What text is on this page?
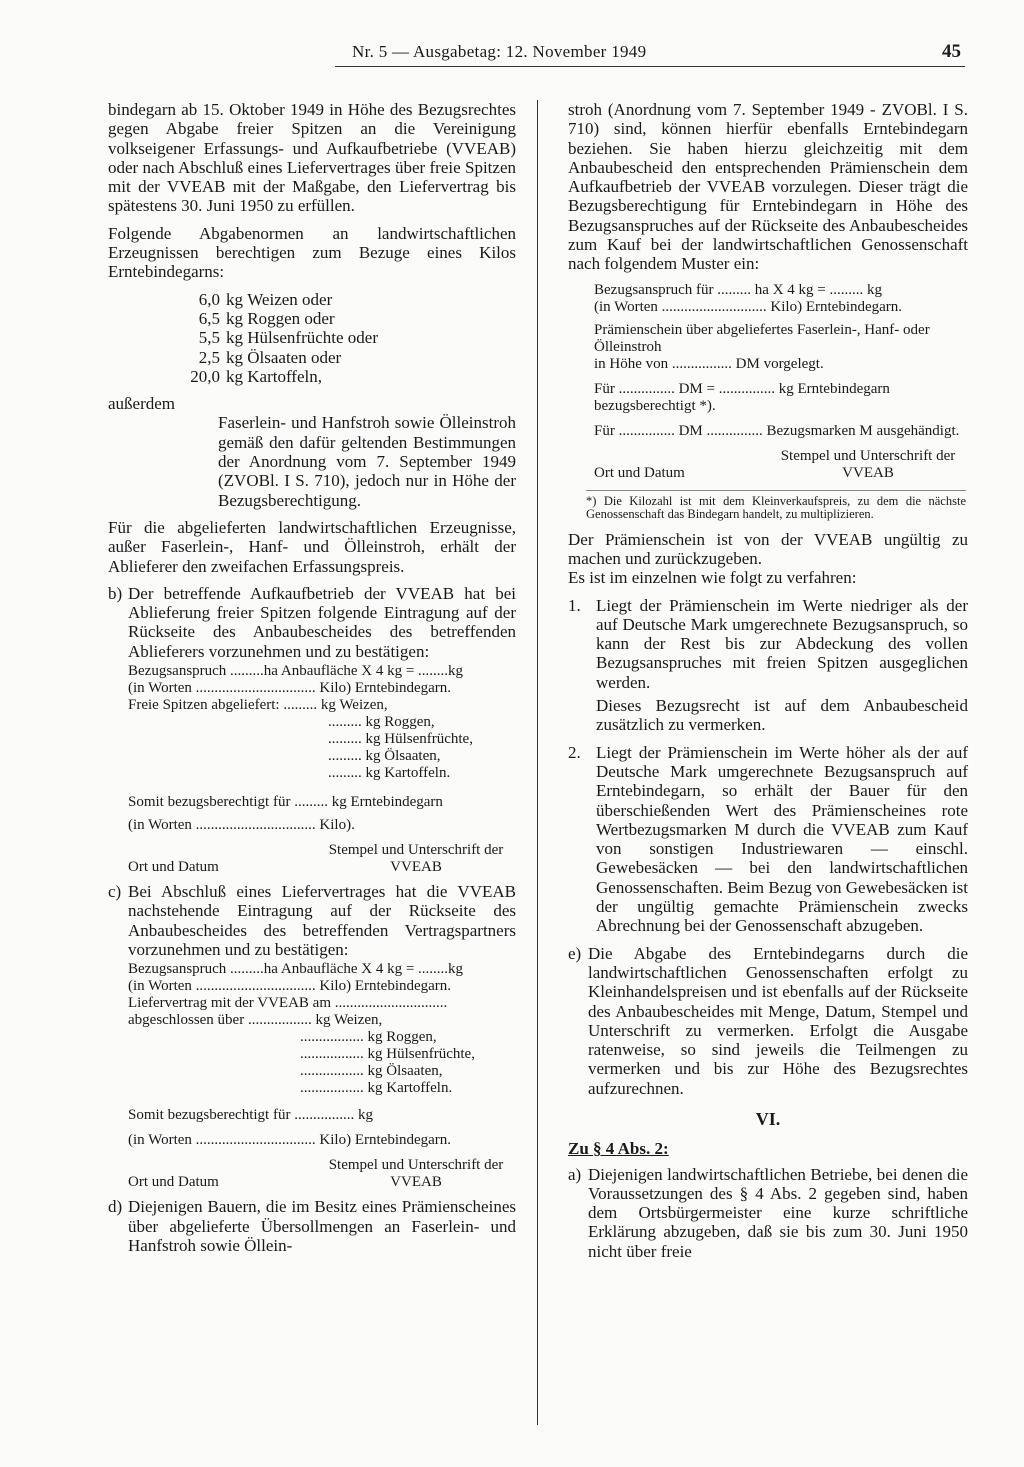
Nr. 5 — Ausgabetag: 12. November 1949	45

bindegarn ab 15. Oktober 1949 in Höhe des Bezugsrechtes gegen Abgabe freier Spitzen an die Vereinigung volkseigener Erfassungs- und Aufkaufbetriebe (VVEAB) oder nach Abschluß eines Liefervertrages über freie Spitzen mit der VVEAB mit der Maßgabe, den Liefervertrag bis spätestens 30. Juni 1950 zu erfüllen.

Folgende Abgabenormen an landwirtschaftlichen Erzeugnissen berechtigen zum Bezuge eines Kilos Erntebindegarns:

6,0 kg
Weizen oder
6,5 kg
Roggen oder
5,5 kg
Hülsenfrüchte oder
2,5 kg
Ölsaaten oder
20,0 kg
Kartoffeln,

außerdem

Faserlein- und Hanfstroh sowie Ölleinstroh gemäß den dafür geltenden Bestimmungen der Anordnung vom 7. September 1949 (ZVOBl. I S. 710), jedoch nur in Höhe der Bezugsberechtigung.

Für die abgelieferten landwirtschaftlichen Erzeugnisse, außer Faserlein-, Hanf- und Ölleinstroh, erhält der Ablieferer den zweifachen Erfassungspreis.

b) Der betreffende Aufkaufbetrieb der VVEAB hat bei Ablieferung freier Spitzen folgende Eintragung auf der Rückseite des Anbaubescheides des betreffenden Ablieferers vorzunehmen und zu bestätigen:

Bezugsanspruch .........ha Anbaufläche X 4 kg = ........kg
(in Worten ................................ Kilo) Erntebindegarn.
Freie Spitzen abgeliefert: ......... kg Weizen,
......... kg Roggen,
......... kg Hülsenfrüchte,
......... kg Ölsaaten,
......... kg Kartoffeln.
Somit bezugsberechtigt für ......... kg Erntebindegarn
(in Worten ................................ Kilo).
Ort und Datum
Stempel und Unterschrift der VVEAB
c) Bei Abschluß eines Liefervertrages hat die VVEAB nachstehende Eintragung auf der Rückseite des Anbaubescheides des betreffenden Vertragspartners vorzunehmen und zu bestätigen:

Bezugsanspruch .........ha Anbaufläche X 4 kg = ........kg
(in Worten ................................ Kilo) Erntebindegarn.
Liefervertrag mit der VVEAB am ..............................
abgeschlossen über ................. kg Weizen,
................. kg Roggen,
................. kg Hülsenfrüchte,
................. kg Ölsaaten,
................. kg Kartoffeln.
Somit bezugsberechtigt für ................ kg
(in Worten ................................ Kilo) Erntebindegarn.
Ort und Datum
Stempel und Unterschrift der VVEAB
d) Diejenigen Bauern, die im Besitz eines Prämienscheines über abgelieferte Übersollmengen an Faserlein- und Hanfstroh sowie Öllein-

stroh (Anordnung vom 7. September 1949 - ZVOBl. I S. 710) sind, können hierfür ebenfalls Erntebindegarn beziehen. Sie haben hierzu gleichzeitig mit dem Anbaubescheid den entsprechenden Prämienschein dem Aufkaufbetrieb der VVEAB vorzulegen. Dieser trägt die Bezugsberechtigung für Erntebindegarn in Höhe des Bezugsanspruches auf der Rückseite des Anbaubescheides zum Kauf bei der landwirtschaftlichen Genossenschaft nach folgendem Muster ein:

Bezugsanspruch für ......... ha X 4 kg = ......... kg
(in Worten ............................ Kilo) Erntebindegarn.
Prämienschein über abgeliefertes Faserlein-, Hanf- oder Ölleinstroh
in Höhe von ................ DM vorgelegt.
Für ............... DM = ............... kg Erntebindegarn bezugsberechtigt *).
Für ............... DM ............... Bezugsmarken M ausgehändigt.
Ort und Datum
Stempel und Unterschrift der VVEAB

*) Die Kilozahl ist mit dem Kleinverkaufspreis, zu dem die nächste Genossenschaft das Bindegarn handelt, zu multiplizieren.

Der Prämienschein ist von der VVEAB ungültig zu machen und zurückzugeben.

Es ist im einzelnen wie folgt zu verfahren:

1. Liegt der Prämienschein im Werte niedriger als der auf Deutsche Mark umgerechnete Bezugsanspruch, so kann der Rest bis zur Abdeckung des vollen Bezugsanspruches mit freien Spitzen ausgeglichen werden.

Dieses Bezugsrecht ist auf dem Anbaubescheid zusätzlich zu vermerken.

2. Liegt der Prämienschein im Werte höher als der auf Deutsche Mark umgerechnete Bezugsanspruch auf Erntebindegarn, so erhält der Bauer für den überschießenden Wert des Prämienscheines rote Wertbezugsmarken M durch die VVEAB zum Kauf von sonstigen Industriewaren — einschl. Gewebesäcken — bei den landwirtschaftlichen Genossenschaften. Beim Bezug von Gewebesäcken ist der ungültig gemachte Prämienschein zwecks Abrechnung bei der Genossenschaft abzugeben.

e) Die Abgabe des Erntebindegarns durch die landwirtschaftlichen Genossenschaften erfolgt zu Kleinhandelspreisen und ist ebenfalls auf der Rückseite des Anbaubescheides mit Menge, Datum, Stempel und Unterschrift zu vermerken. Erfolgt die Ausgabe ratenweise, so sind jeweils die Teilmengen zu vermerken und bis zur Höhe des Bezugsrechtes aufzurechnen.

VI.
Zu § 4 Abs. 2:
a) Diejenigen landwirtschaftlichen Betriebe, bei denen die Voraussetzungen des § 4 Abs. 2 gegeben sind, haben dem Ortsbürgermeister eine kurze schriftliche Erklärung abzugeben, daß sie bis zum 30. Juni 1950 nicht über freie
